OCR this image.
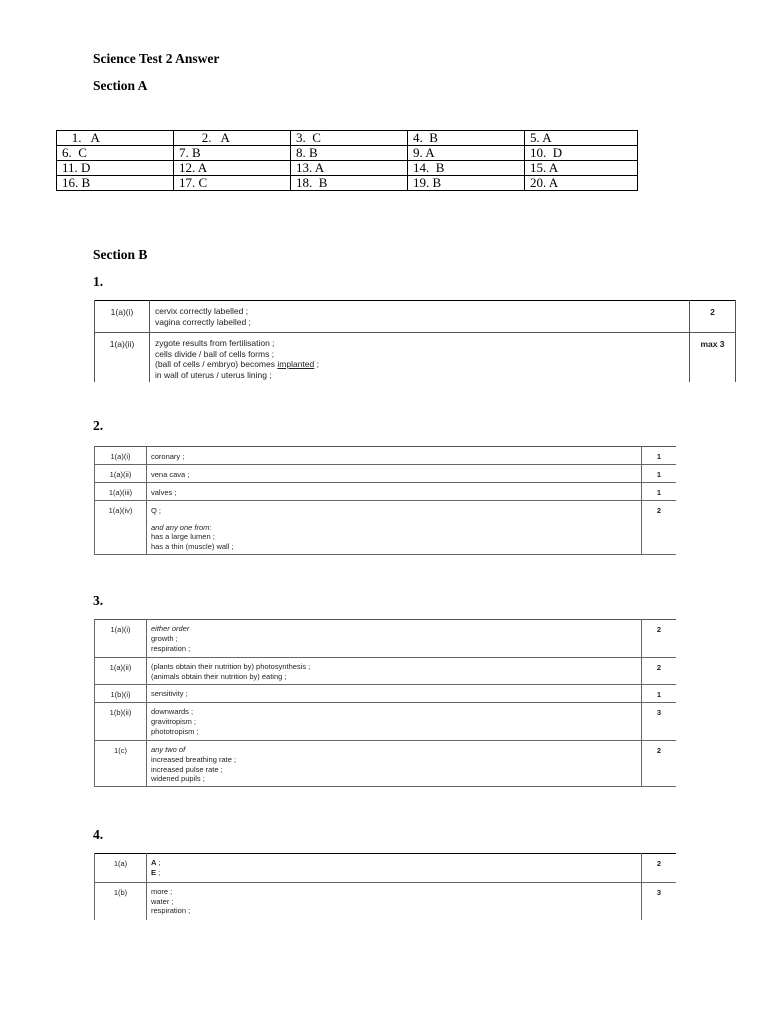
Science Test 2 Answer
Section A
1.   A	2.   A	3.  C	4.  B	5. A
6.  C	7. B	8. B	9. A	10.  D
11. D	12. A	13. A	14.  B	15. A
16. B	17. C	18.  B	19. B	20. A
Section B
1.
1(a)(i)	cervix correctly labelled ;
vagina correctly labelled ;	2
1(a)(ii)	zygote results from fertilisation ;
cells divide / ball of cells forms ;
(ball of cells / embryo) becomes implanted ;
in wall of uterus / uterus lining ;	max 3
2.
1(a)(i)	coronary ;	1
1(a)(ii)	vena cava ;	1
1(a)(iii)	valves ;	1
1(a)(iv)	Q ;
and any one from:
has a large lumen ;
has a thin (muscle) wall ;	2
3.
1(a)(i)	either order
growth ;
respiration ;	2
1(a)(ii)	(plants obtain their nutrition by) photosynthesis ;
(animals obtain their nutrition by) eating ;	2
1(b)(i)	sensitivity ;	1
1(b)(ii)	downwards ;
gravitropism ;
phototropism ;	3
1(c)	any two of
increased breathing rate ;
increased pulse rate ;
widened pupils ;	2
4.
1(a)	A ;
E ;	2
1(b)	more ;
water ;
respiration ;	3
